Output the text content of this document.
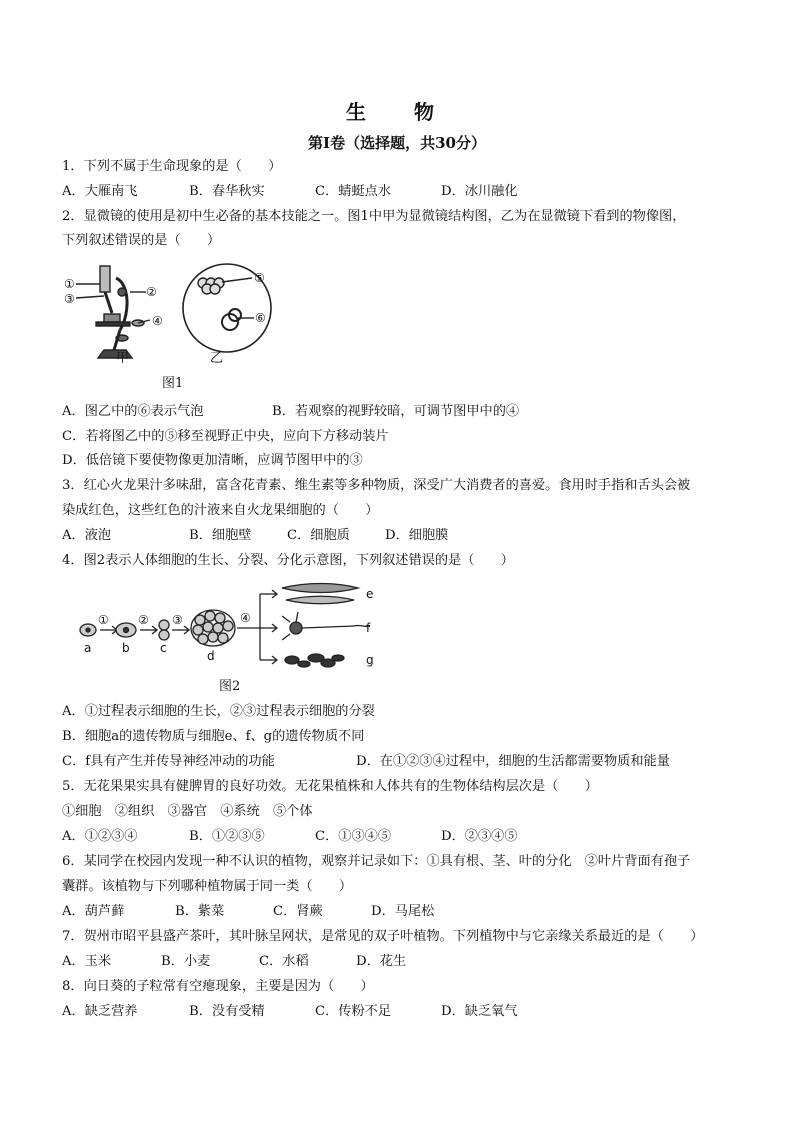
生　物
第Ⅰ卷（选择题，共30分）
1．下列不属于生命现象的是（　　）
A．大雁南飞	B．春华秋实	C．蜻蜓点水	D．冰川融化
2．显微镜的使用是初中生必备的基本技能之一。图1中甲为显微镜结构图，乙为在显微镜下看到的物像图，
下列叙述错误的是（　　）
①
③	②
④
⑤
⑥
甲	乙
图1
A．图乙中的⑥表示气泡	B．若观察的视野较暗，可调节图甲中的④
C．若将图乙中的⑤移至视野正中央，应向下方移动装片
D．低倍镜下要使物像更加清晰，应调节图甲中的③
3．红心火龙果汁多味甜，富含花青素、维生素等多种物质，深受广大消费者的喜爱。食用时手指和舌头会被
染成红色，这些红色的汁液来自火龙果细胞的（　　）
A．液泡	B．细胞壁	C．细胞质	D．细胞膜
4．图2表示人体细胞的生长、分裂、分化示意图，下列叙述错误的是（　　）
① ② ③	④
a	b	c
d
e
f
g
图2
A．①过程表示细胞的生长，②③过程表示细胞的分裂
B．细胞a的遗传物质与细胞e、f、g的遗传物质不同
C．f具有产生并传导神经冲动的功能	D．在①②③④过程中，细胞的生活都需要物质和能量
5．无花果果实具有健脾胃的良好功效。无花果植株和人体共有的生物体结构层次是（　　）
①细胞　②组织　③器官　④系统　⑤个体
A．①②③④	B．①②③⑤	C．①③④⑤	D．②③④⑤
6．某同学在校园内发现一种不认识的植物，观察并记录如下：①具有根、茎、叶的分化　②叶片背面有孢子
囊群。该植物与下列哪种植物属于同一类（　　）
A．葫芦藓	B．紫菜	C．肾蕨	D．马尾松
7．贺州市昭平县盛产茶叶，其叶脉呈网状，是常见的双子叶植物。下列植物中与它亲缘关系最近的是（　　）
A．玉米	B．小麦	C．水稻	D．花生
8．向日葵的子粒常有空瘪现象，主要是因为（　　）
A．缺乏营养	B．没有受精	C．传粉不足	D．缺乏氧气
